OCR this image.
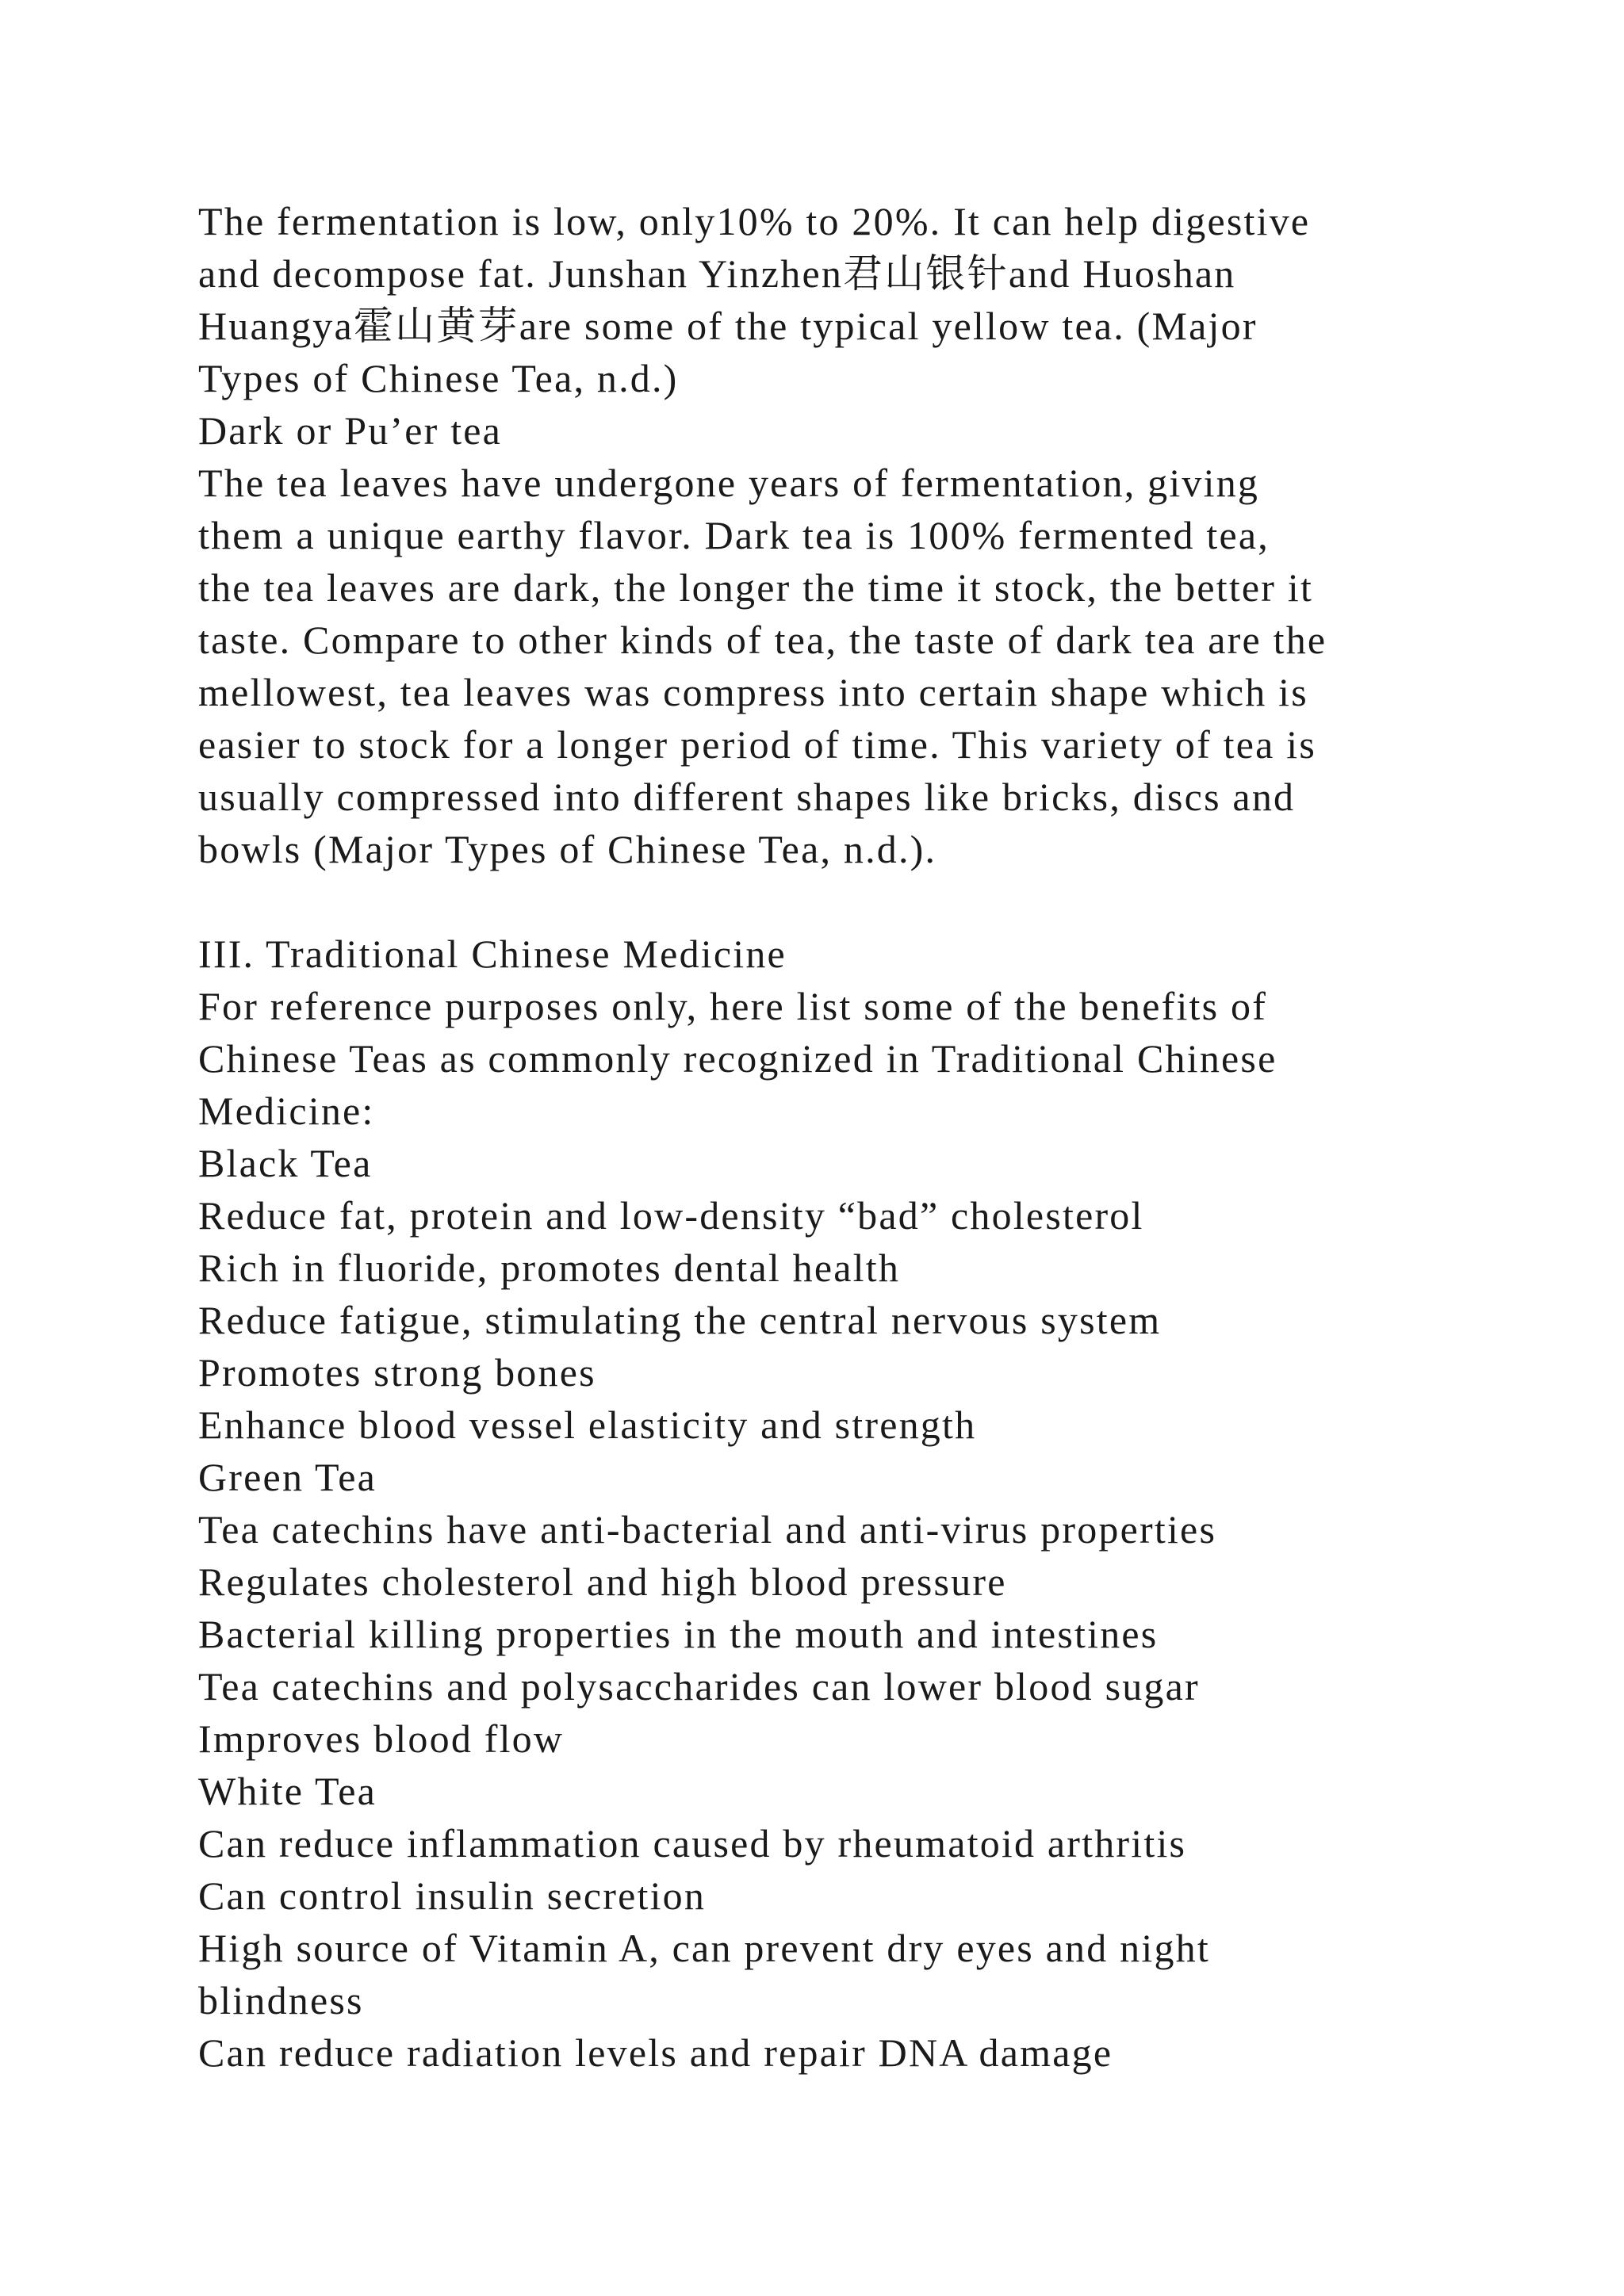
The fermentation is low, only10% to 20%. It can help digestive
and decompose fat. Junshan Yinzhen君山银针and Huoshan
Huangya霍山黄芽are some of the typical yellow tea. (Major
Types of Chinese Tea, n.d.)
Dark or Pu’er tea
The tea leaves have undergone years of fermentation, giving
them a unique earthy flavor. Dark tea is 100% fermented tea,
the tea leaves are dark, the longer the time it stock, the better it
taste. Compare to other kinds of tea, the taste of dark tea are the
mellowest, tea leaves was compress into certain shape which is
easier to stock for a longer period of time. This variety of tea is
usually compressed into different shapes like bricks, discs and
bowls (Major Types of Chinese Tea, n.d.).
III. Traditional Chinese Medicine
For reference purposes only, here list some of the benefits of
Chinese Teas as commonly recognized in Traditional Chinese
Medicine:
Black Tea
Reduce fat, protein and low-density “bad” cholesterol
Rich in fluoride, promotes dental health
Reduce fatigue, stimulating the central nervous system
Promotes strong bones
Enhance blood vessel elasticity and strength
Green Tea
Tea catechins have anti-bacterial and anti-virus properties
Regulates cholesterol and high blood pressure
Bacterial killing properties in the mouth and intestines
Tea catechins and polysaccharides can lower blood sugar
Improves blood flow
White Tea
Can reduce inflammation caused by rheumatoid arthritis
Can control insulin secretion
High source of Vitamin A, can prevent dry eyes and night
blindness
Can reduce radiation levels and repair DNA damage
